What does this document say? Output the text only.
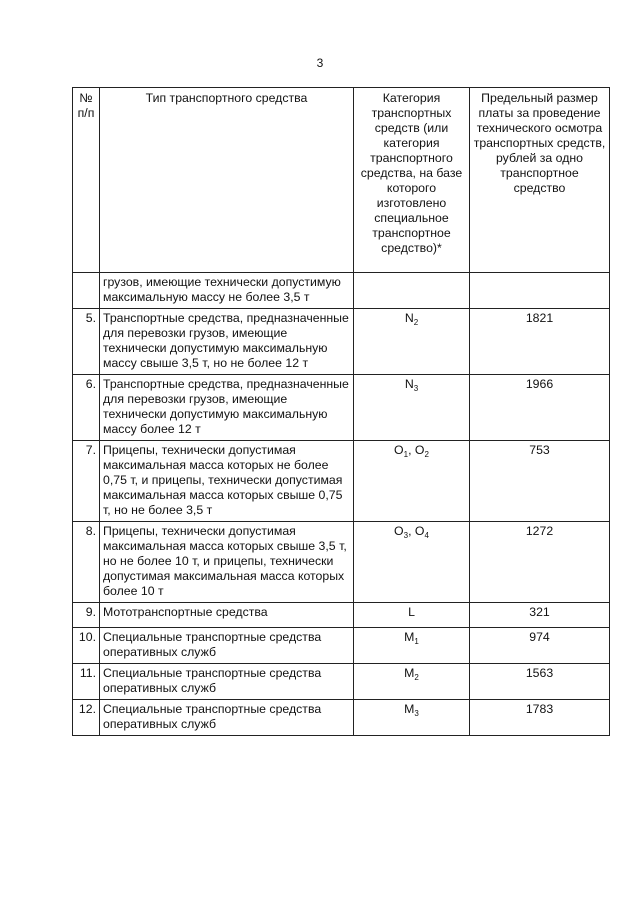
3
№ п/п	Тип транспортного средства	Категория транспортных средств (или категория транспортного средства, на базе которого изготовлено специальное транспортное средство)*	Предельный размер платы за проведение технического осмотра транспортных средств, рублей за одно транспортное средство
	грузов, имеющие технически допустимую максимальную массу не более 3,5 т		
5.	Транспортные средства, предназначенные для перевозки грузов, имеющие технически допустимую максимальную массу свыше 3,5 т, но не более 12 т	$N_2$	1821
6.	Транспортные средства, предназначенные для перевозки грузов, имеющие технически допустимую максимальную массу более 12 т	$N_3$	1966
7.	Прицепы, технически допустимая максимальная масса которых не более 0,75 т, и прицепы, технически допустимая максимальная масса которых свыше 0,75 т, но не более 3,5 т	$O_1$, $O_2$	753
8.	Прицепы, технически допустимая максимальная масса которых свыше 3,5 т, но не более 10 т, и прицепы, технически допустимая максимальная масса которых более 10 т	$O_3$, $O_4$	1272
9.	Мототранспортные средства	L	321
10.	Специальные транспортные средства оперативных служб	$M_1$	974
11.	Специальные транспортные средства оперативных служб	$M_2$	1563
12.	Специальные транспортные средства оперативных служб	$M_3$	1783
